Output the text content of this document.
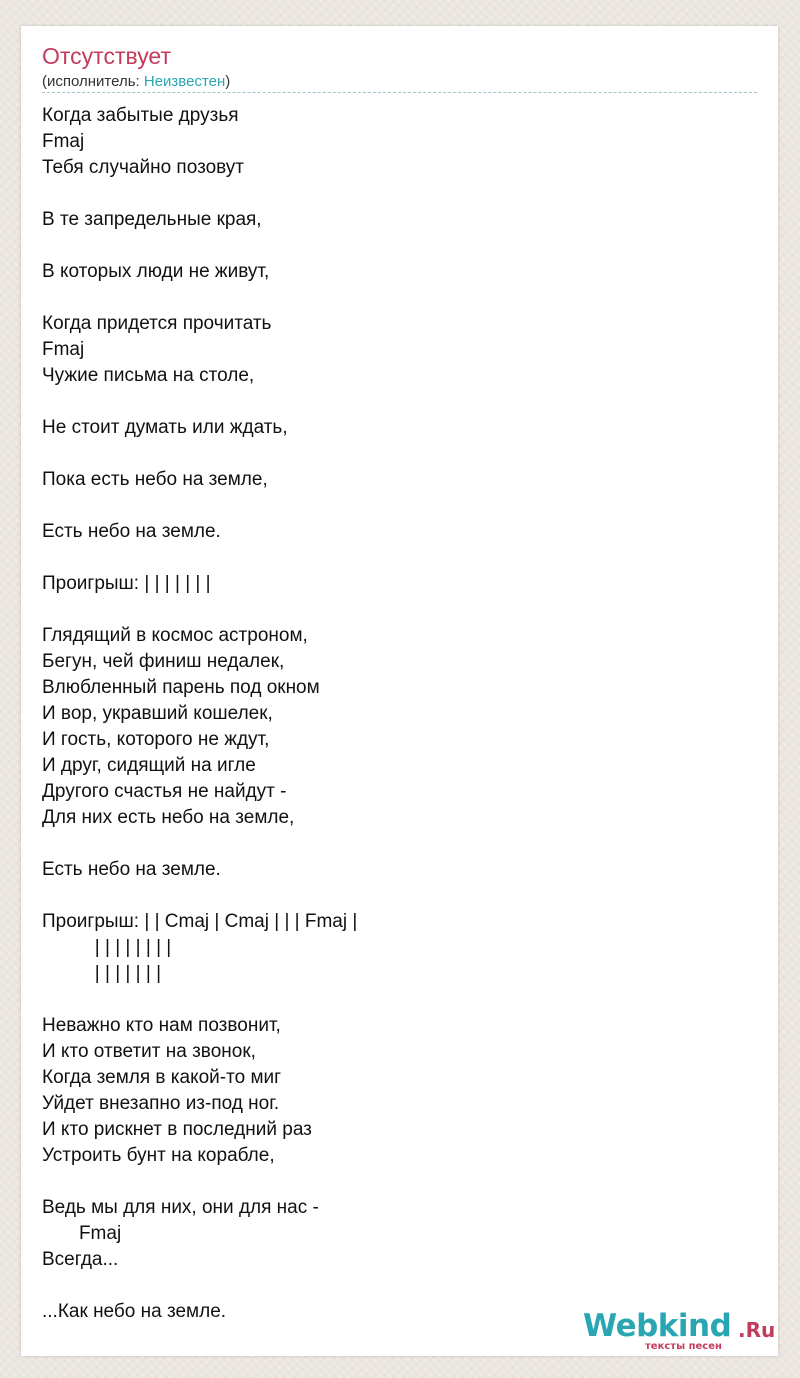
Отсутствует
(исполнитель: Неизвестен)
Когда забытые друзья
Fmaj
Тебя случайно позовут
В те запредельные края,
В которых люди не живут,
Когда придется прочитать
Fmaj
Чужие письма на столе,
Не стоит думать или ждать,
Пока есть небо на земле,
Есть небо на земле.
Проигрыш: | | | | | | |
Глядящий в космос астроном,
Бегун, чей финиш недалек,
Влюбленный парень под окном
И вор, укравший кошелек,
И гость, которого не ждут,
И друг, сидящий на игле
Другого счастья не найдут -
Для них есть небо на земле,
Есть небо на земле.
Проигрыш: | | Cmaj | Cmaj | | | Fmaj |
| | | | | | | |
| | | | | | |
Неважно кто нам позвонит,
И кто ответит на звонок,
Когда земля в какой-то миг
Уйдет внезапно из-под ног.
И кто рискнет в последний раз
Устроить бунт на корабле,
Ведь мы для них, они для нас -
Fmaj
Всегда...
...Как небо на земле.	Webkind .Ru
тексты песен
